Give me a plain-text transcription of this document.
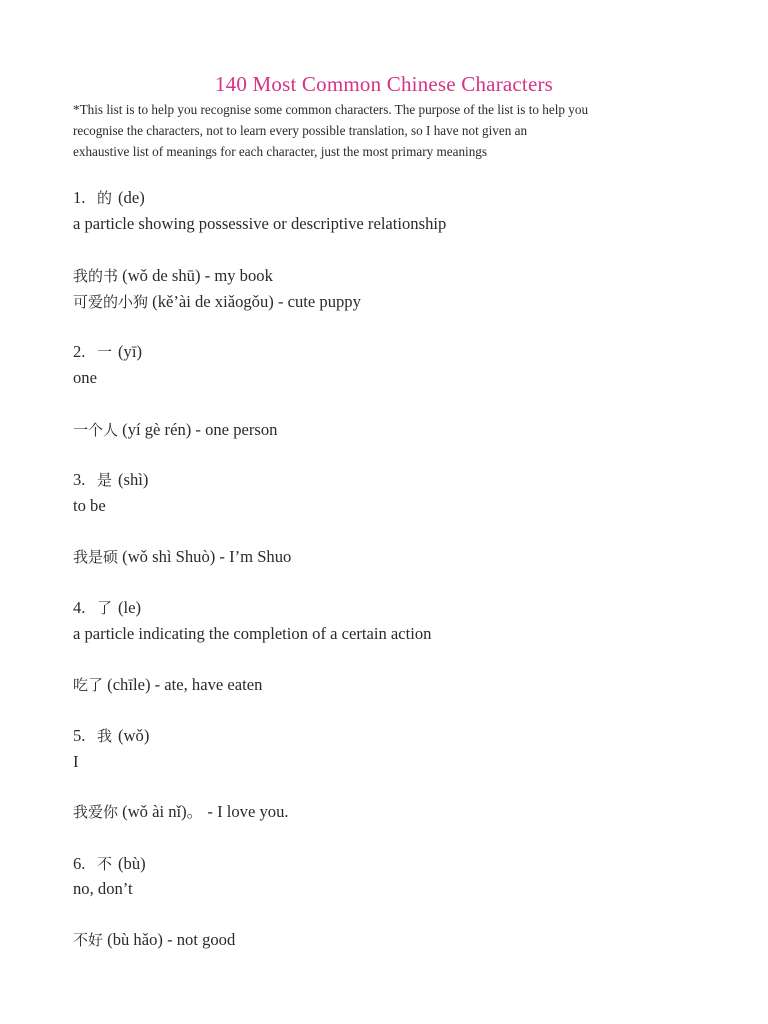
140 Most Common Chinese Characters
*This list is to help you recognise some common characters. The purpose of the list is to help you
recognise the characters, not to learn every possible translation, so I have not given an
exhaustive list of meanings for each character, just the most primary meanings
1. 的 (de)
a particle showing possessive or descriptive relationship
我的书 (wǒ de shū) - my book
可爱的小狗 (kě’ài de xiǎogǒu) - cute puppy
2. 一 (yī)
one
一个人 (yí gè rén) - one person
3. 是 (shì)
to be
我是硕 (wǒ shì Shuò) - I’m Shuo
4. 了 (le)
a particle indicating the completion of a certain action
吃了 (chīle) - ate, have eaten
5. 我 (wǒ)
I
我爱你 (wǒ ài nǐ)。 - I love you.
6. 不 (bù)
no, don’t
不好 (bù hǎo) - not good
